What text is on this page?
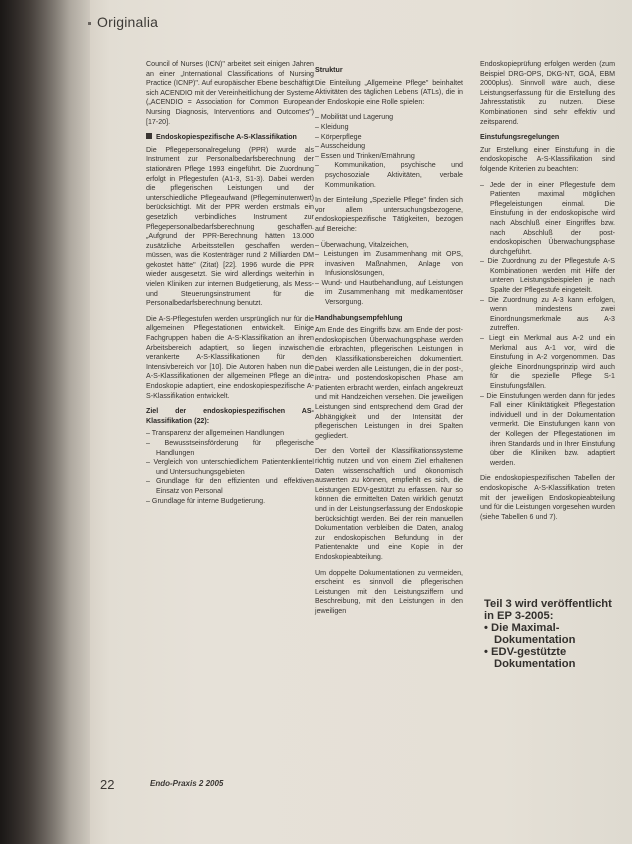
Originalia

Council of Nurses (ICN)" arbeitet seit einigen Jahren an einer „International Classifications of Nursing Practice (ICNP)". Auf europäischer Ebene beschäftigt sich ACENDIO mit der Vereinheitlichung der Systeme („ACENDIO = Association for Common European Nursing Diagnosis, Interventions and Outcomes") [17-20].

Endoskopiespezifische A-S-Klassifikation

Die Pflegepersonalregelung (PPR) wurde als Instrument zur Personalbedarfsberechnung der stationären Pflege 1993 eingeführt. Die Zuordnung erfolgt in Pflegestufen (A1-3, S1-3). Dabei werden die pflegerischen Leistungen und der unterschiedliche Pflegeaufwand (Pflegeminutenwert) berücksichtigt. Mit der PPR werden erstmals ein gesetzlich verbindliches Instrument zur Pflegepersonalbedarfsberechnung geschaffen. „Aufgrund der PPR-Berechnung hätten 13.000 zusätzliche Arbeitsstellen geschaffen werden müssen, was die Kostenträger rund 2 Milliarden DM gekostet hätte" (Zitat) [22]. 1996 wurde die PPR wieder ausgesetzt. Sie wird allerdings weiterhin in vielen Kliniken zur internen Budgetierung, als Mess- und Steuerungsinstrument für die Personalbedarfsberechnung benutzt.

Die A-S-Pflegestufen werden ursprünglich nur für die allgemeinen Pflegestationen entwickelt. Einige Fachgruppen haben die A-S-Klassifikation an ihren Arbeitsbereich adaptiert, so liegen inzwischen verankerte A-S-Klassifikationen für den Intensivbereich vor [10]. Die Autoren haben nun die A-S-Klassifikationen der allgemeinen Pflege an die Endoskopie adaptiert, eine endoskopiespezifische A-S-Klassifikation entwickelt.

Ziel der endoskopiespezifischen AS-Klassifikation (22):
– Transparenz der allgemeinen Handlungen
– Bewusstseinsförderung für pflegerische Handlungen
– Vergleich von unterschiedlichem Patientenklientel und Untersuchungsgebieten
– Grundlage für den effizienten und effektiven Einsatz von Personal
– Grundlage für interne Budgetierung.
Struktur

Die Einteilung „Allgemeine Pflege" beinhaltet Aktivitäten des täglichen Lebens (ATLs), die in der Endoskopie eine Rolle spielen:

– Mobilität und Lagerung
– Kleidung
– Körperpflege
– Ausscheidung
– Essen und Trinken/Ernährung
– Kommunikation, psychische und psychosoziale Aktivitäten, verbale Kommunikation.

In der Einteilung „Spezielle Pflege" finden sich vor allem untersuchungsbezogene, endoskopiespezifische Tätigkeiten, bezogen auf Bereiche:

– Überwachung, Vitalzeichen,
– Leistungen im Zusammenhang mit OPS, invasiven Maßnahmen, Anlage von Infusionslösungen,
– Wund- und Hautbehandlung, auf Leistungen im Zusammenhang mit medikamentöser Versorgung.
Handhabungsempfehlung

Am Ende des Eingriffs bzw. am Ende der post-endoskopischen Überwachungsphase werden die erbrachten, pflegerischen Leistungen in den Klassifikationsbereichen dokumentiert. Dabei werden alle Leistungen, die in der post-, intra- und postendoskopischen Phase am Patienten erbracht werden, einfach angekreuzt und mit Handzeichen versehen. Die jeweiligen Leistungen sind entsprechend dem Grad der Abhängigkeit und der Intensität der pflegerischen Leistungen in drei Spalten gegliedert.

Der den Vorteil der Klassifikationssysteme richtig nutzen und von einem Ziel erhaltenen Daten wissenschaftlich und ökonomisch auswerten zu können, empfiehlt es sich, die Leistungen EDV-gestützt zu erfassen. Nur so können die ermittelten Daten wirklich genutzt und in der Leistungserfassung der Endoskopie berücksichtigt werden. Bei der rein manuellen Dokumentation verbleiben die Daten, analog zur endoskopischen Befundung in der Patientenakte und eine Kopie in der Endoskopieabteilung.

Um doppelte Dokumentationen zu vermeiden, erscheint es sinnvoll die pflegerischen Leistungen mit den Leistungsziffern und Beschreibung, mit den Leistungen in den jeweiligen

Endoskopieprüfung erfolgen werden (zum Beispiel DRG-OPS, DKG-NT, GOÄ, EBM 2000plus). Sinnvoll wäre auch, diese Leistungserfassung für die Erstellung des Jahresstatistik zu nutzen. Diese Kombinationen sind sehr effektiv und zeitsparend.

Einstufungsregelungen

Zur Erstellung einer Einstufung in die endoskopische A-S-Klassifikation sind folgende Kriterien zu beachten:

– Jede der in einer Pflegestufe dem Patienten maximal möglichen Pflegeleistungen einmal. Die Einstufung in der endoskopische wird nach Abschluß einer Eingriffes bzw. nach Abschluß der post-endoskopischen Überwachungsphase durchgeführt.
– Die Zuordnung zu der Pflegestufe A-S Kombinationen werden mit Hilfe der unteren Leistungsbeispielen je nach Spalte der Pflegestufe eingeteilt.
– Die Zuordnung zu A-3 kann erfolgen, wenn mindestens zwei Einordnungsmerkmale aus A-3 zutreffen.
– Liegt ein Merkmal aus A-2 und ein Merkmal aus A-1 vor, wird die Einstufung in A-2 vorgenommen. Das gleiche Einordnungsprinzip wird auch für die spezielle Pflege S-1 Einstufungsfällen.
– Die Einstufungen werden dann für jedes Fall einer Kliniktätigkeit Pflegestation individuell und in der Dokumentation vermerkt. Die Einstufungen kann von der Kollegen der Pflegestationen im ihren Standards und in Ihrer Einstufung über die Kliniken bzw. adaptiert werden.

Die endoskopiespezifischen Tabellen der endoskopische A-S-Klassifikation treten mit der jeweiligen Endoskopieabteilung und für die Leistungen vorgesehen wurden (siehe Tabellen 6 und 7).

Teil 3 wird veröffentlicht in EP 3-2005:
• Die Maximal-Dokumentation
• EDV-gestützte Dokumentation
22	Endo-Praxis 2 2005
